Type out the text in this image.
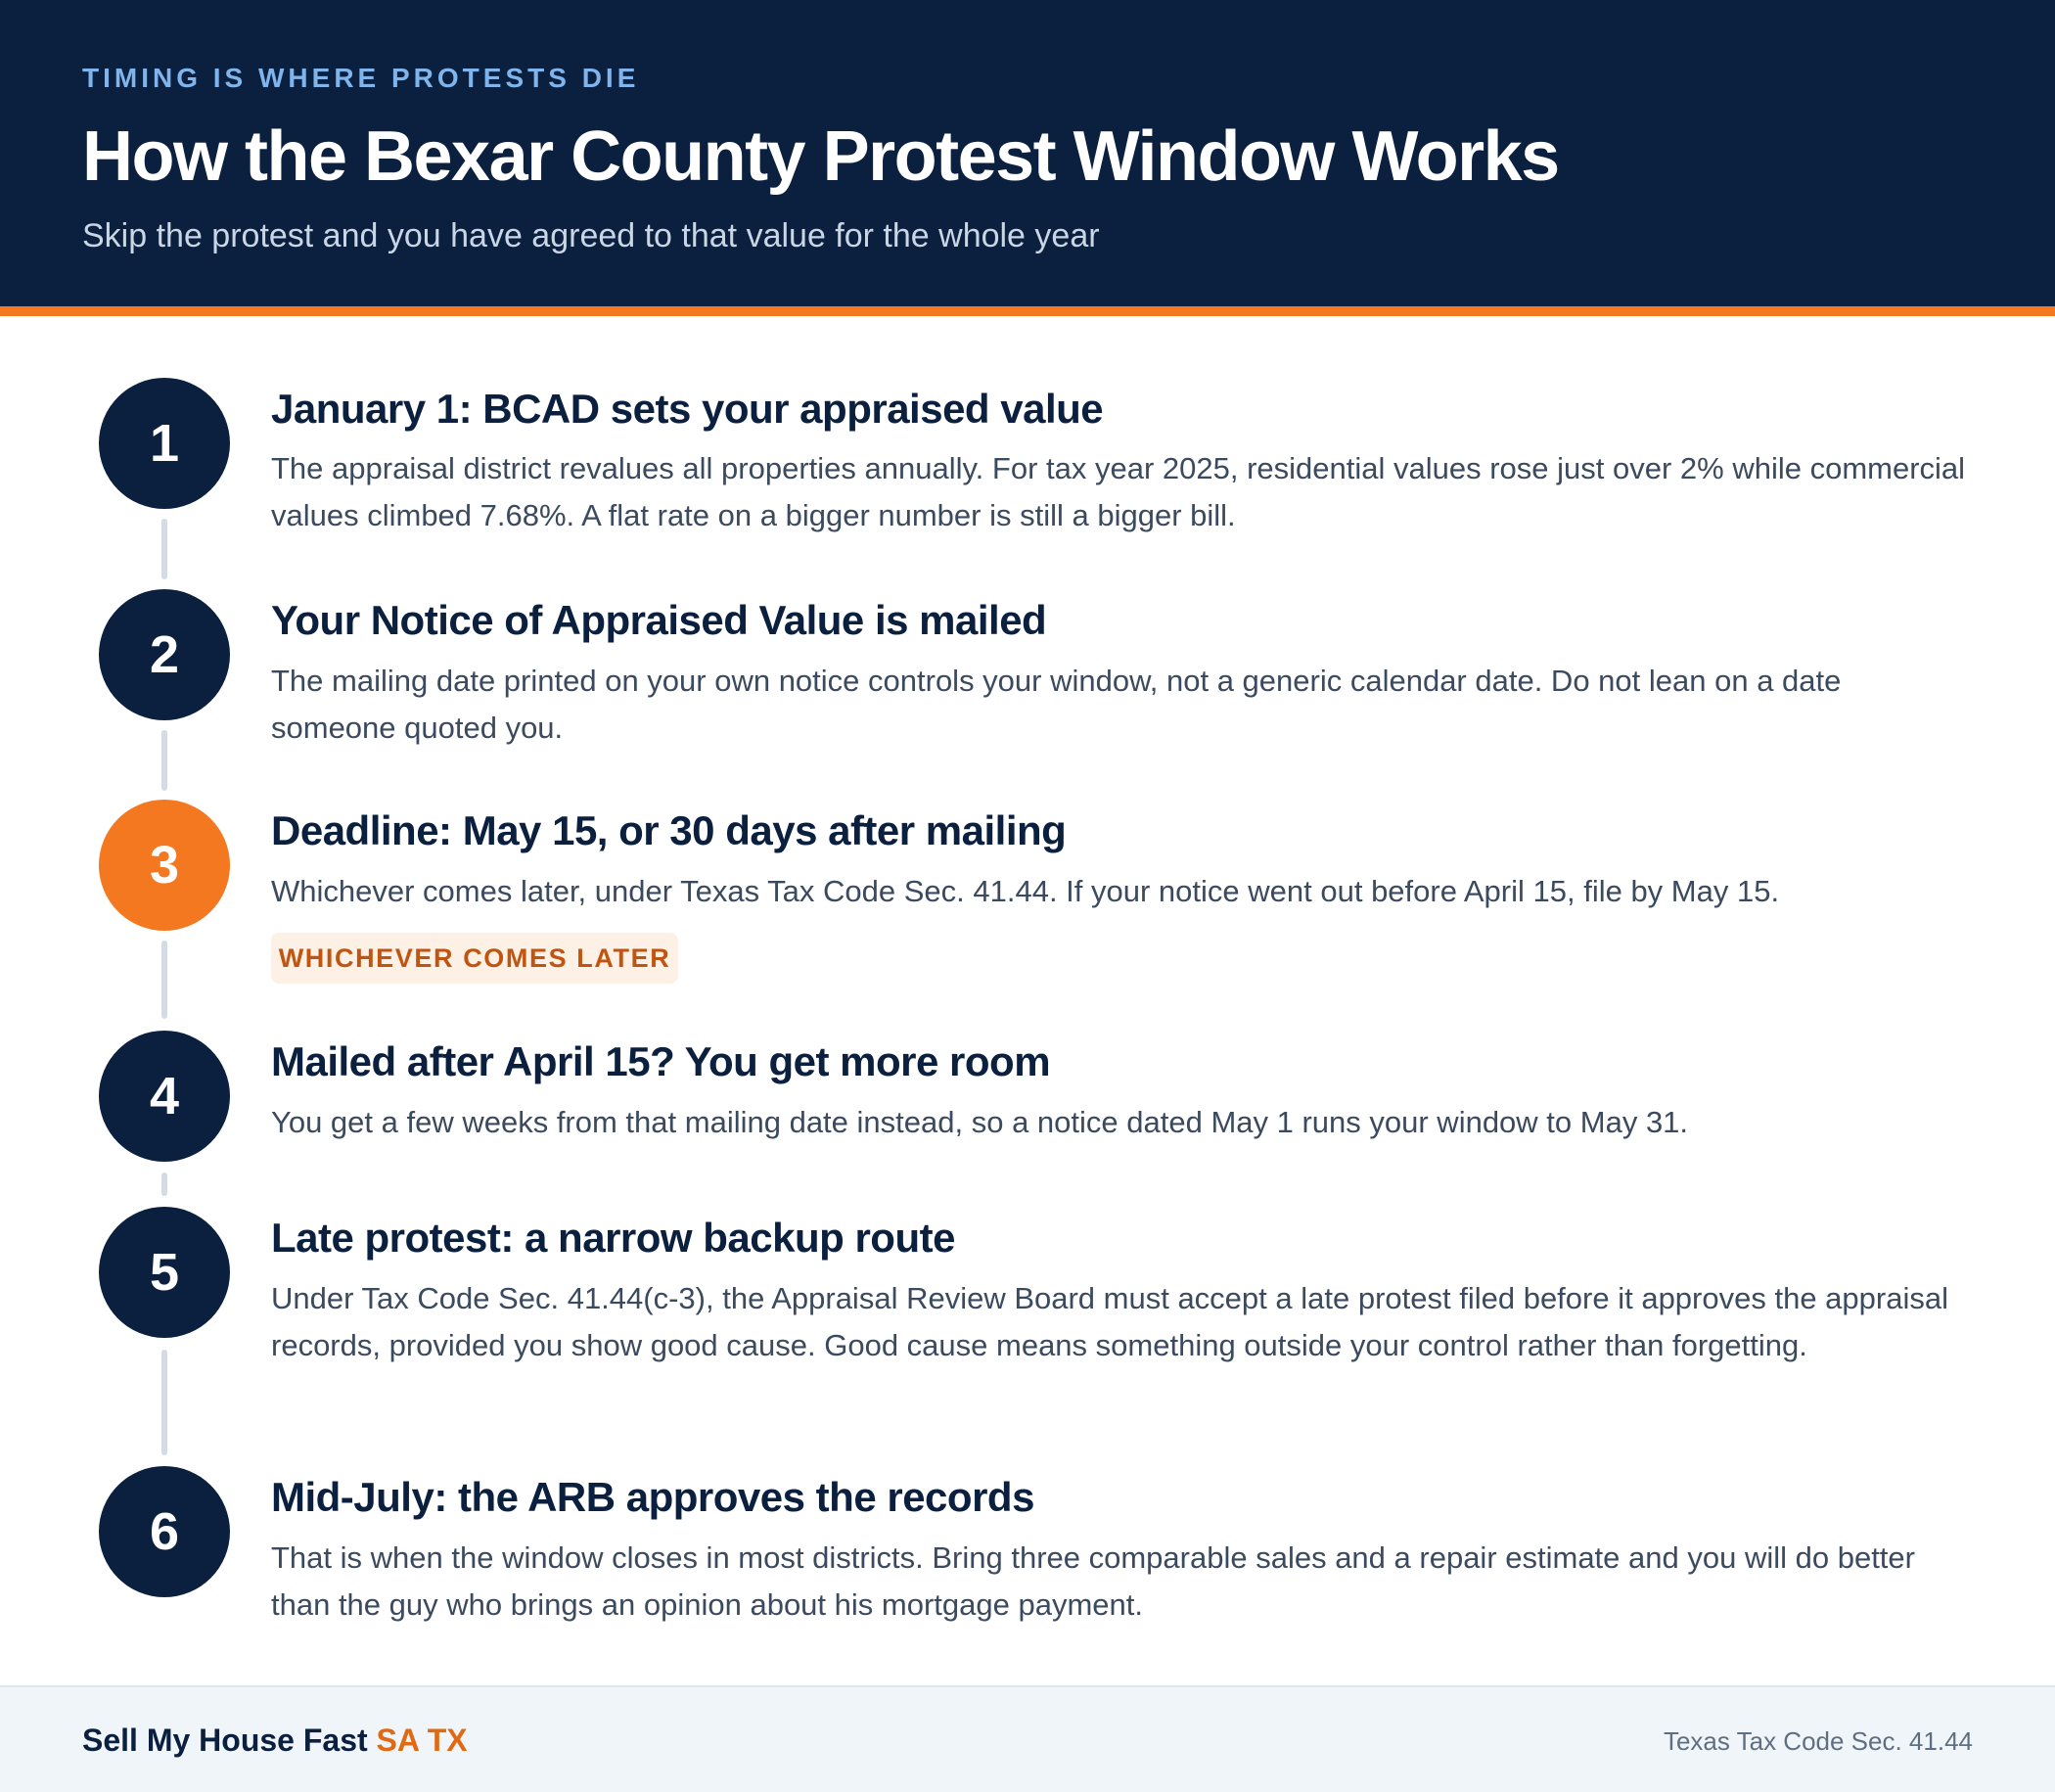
TIMING IS WHERE PROTESTS DIE
How the Bexar County Protest Window Works
Skip the protest and you have agreed to that value for the whole year
1
January 1: BCAD sets your appraised value
The appraisal district revalues all properties annually. For tax year 2025, residential values rose just over 2% while commercial values climbed 7.68%. A flat rate on a bigger number is still a bigger bill.
2
Your Notice of Appraised Value is mailed
The mailing date printed on your own notice controls your window, not a generic calendar date. Do not lean on a date someone quoted you.
3
Deadline: May 15, or 30 days after mailing
Whichever comes later, under Texas Tax Code Sec. 41.44. If your notice went out before April 15, file by May 15.
WHICHEVER COMES LATER
4
Mailed after April 15? You get more room
You get a few weeks from that mailing date instead, so a notice dated May 1 runs your window to May 31.
5
Late protest: a narrow backup route
Under Tax Code Sec. 41.44(c-3), the Appraisal Review Board must accept a late protest filed before it approves the appraisal records, provided you show good cause. Good cause means something outside your control rather than forgetting.
6
Mid-July: the ARB approves the records
That is when the window closes in most districts. Bring three comparable sales and a repair estimate and you will do better than the guy who brings an opinion about his mortgage payment.
Sell My House Fast SA TX	Texas Tax Code Sec. 41.44
